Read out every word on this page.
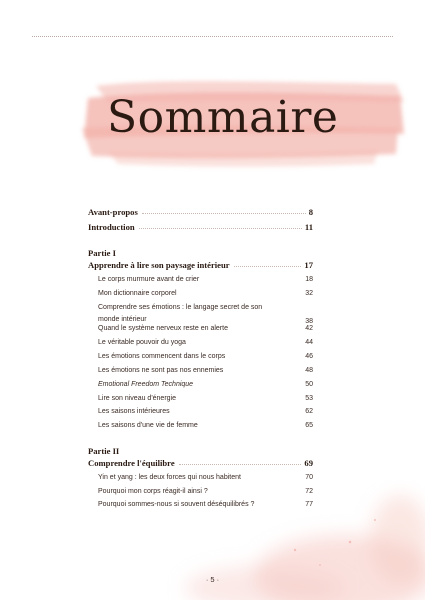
Sommaire
Avant-propos	8
Introduction	11
Partie I
Apprendre à lire son paysage intérieur	17
Le corps murmure avant de crier	18
Mon dictionnaire corporel	32
Comprendre ses émotions : le langage secret de son monde intérieur	38
Quand le système nerveux reste en alerte	42
Le véritable pouvoir du yoga	44
Les émotions commencent dans le corps	46
Les émotions ne sont pas nos ennemies	48
Emotional Freedom Technique	50
Lire son niveau d'énergie	53
Les saisons intérieures	62
Les saisons d'une vie de femme	65
Partie II
Comprendre l'équilibre	69
Yin et yang : les deux forces qui nous habitent	70
Pourquoi mon corps réagit-il ainsi ?	72
Pourquoi sommes-nous si souvent déséquilibrés ?	77
· 5 ·
